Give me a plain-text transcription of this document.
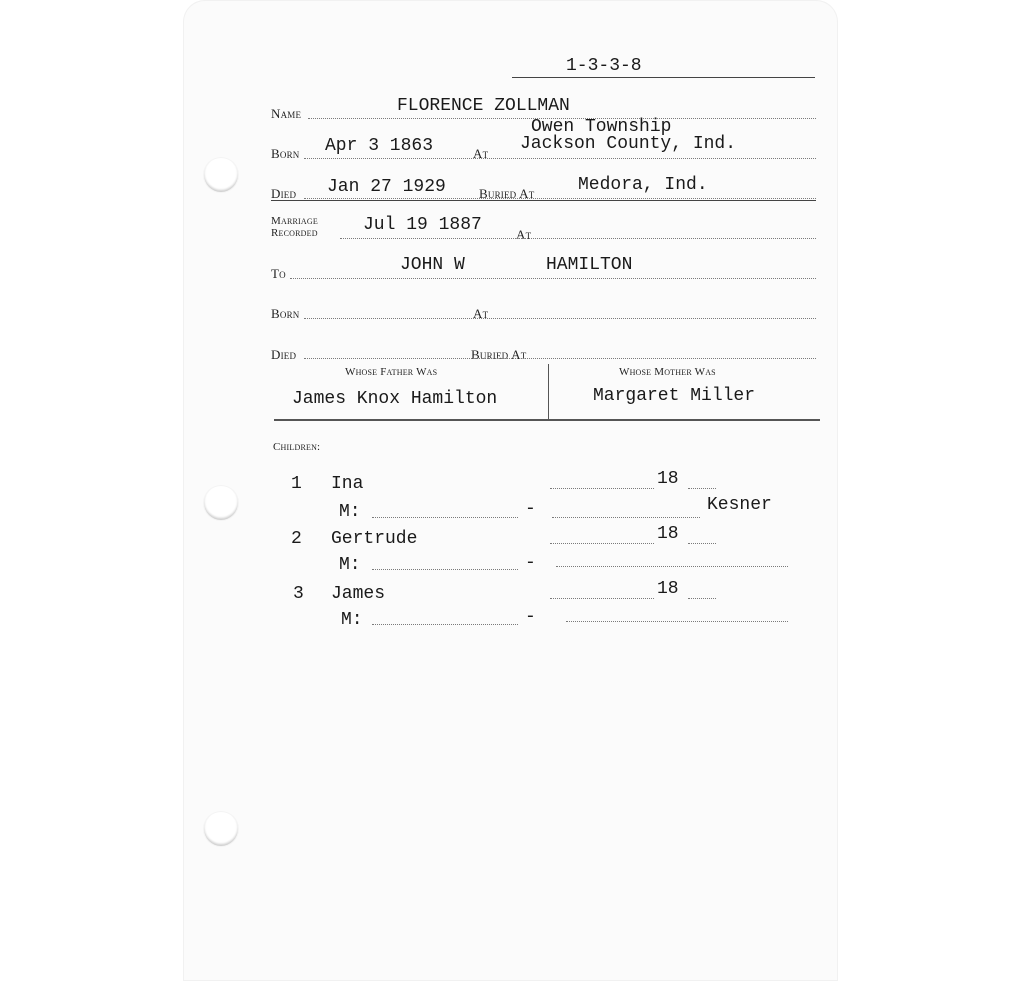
1-3-3-8
Name	FLORENCE ZOLLMAN
Born Apr 3 1863	At
Owen Township
Jackson County, Ind.
Died Jan 27 1929	Buried At Medora, Ind.
Marriage
Recorded	Jul 19 1887	At
To	JOHN W	HAMILTON
Born	At
Died	Buried At
Whose Father Was	Whose Mother Was
James Knox Hamilton	Margaret Miller
Children:
1 Ina	18
M:	-	Kesner
2 Gertrude	18
M:	-
3 James	18
M:	-
